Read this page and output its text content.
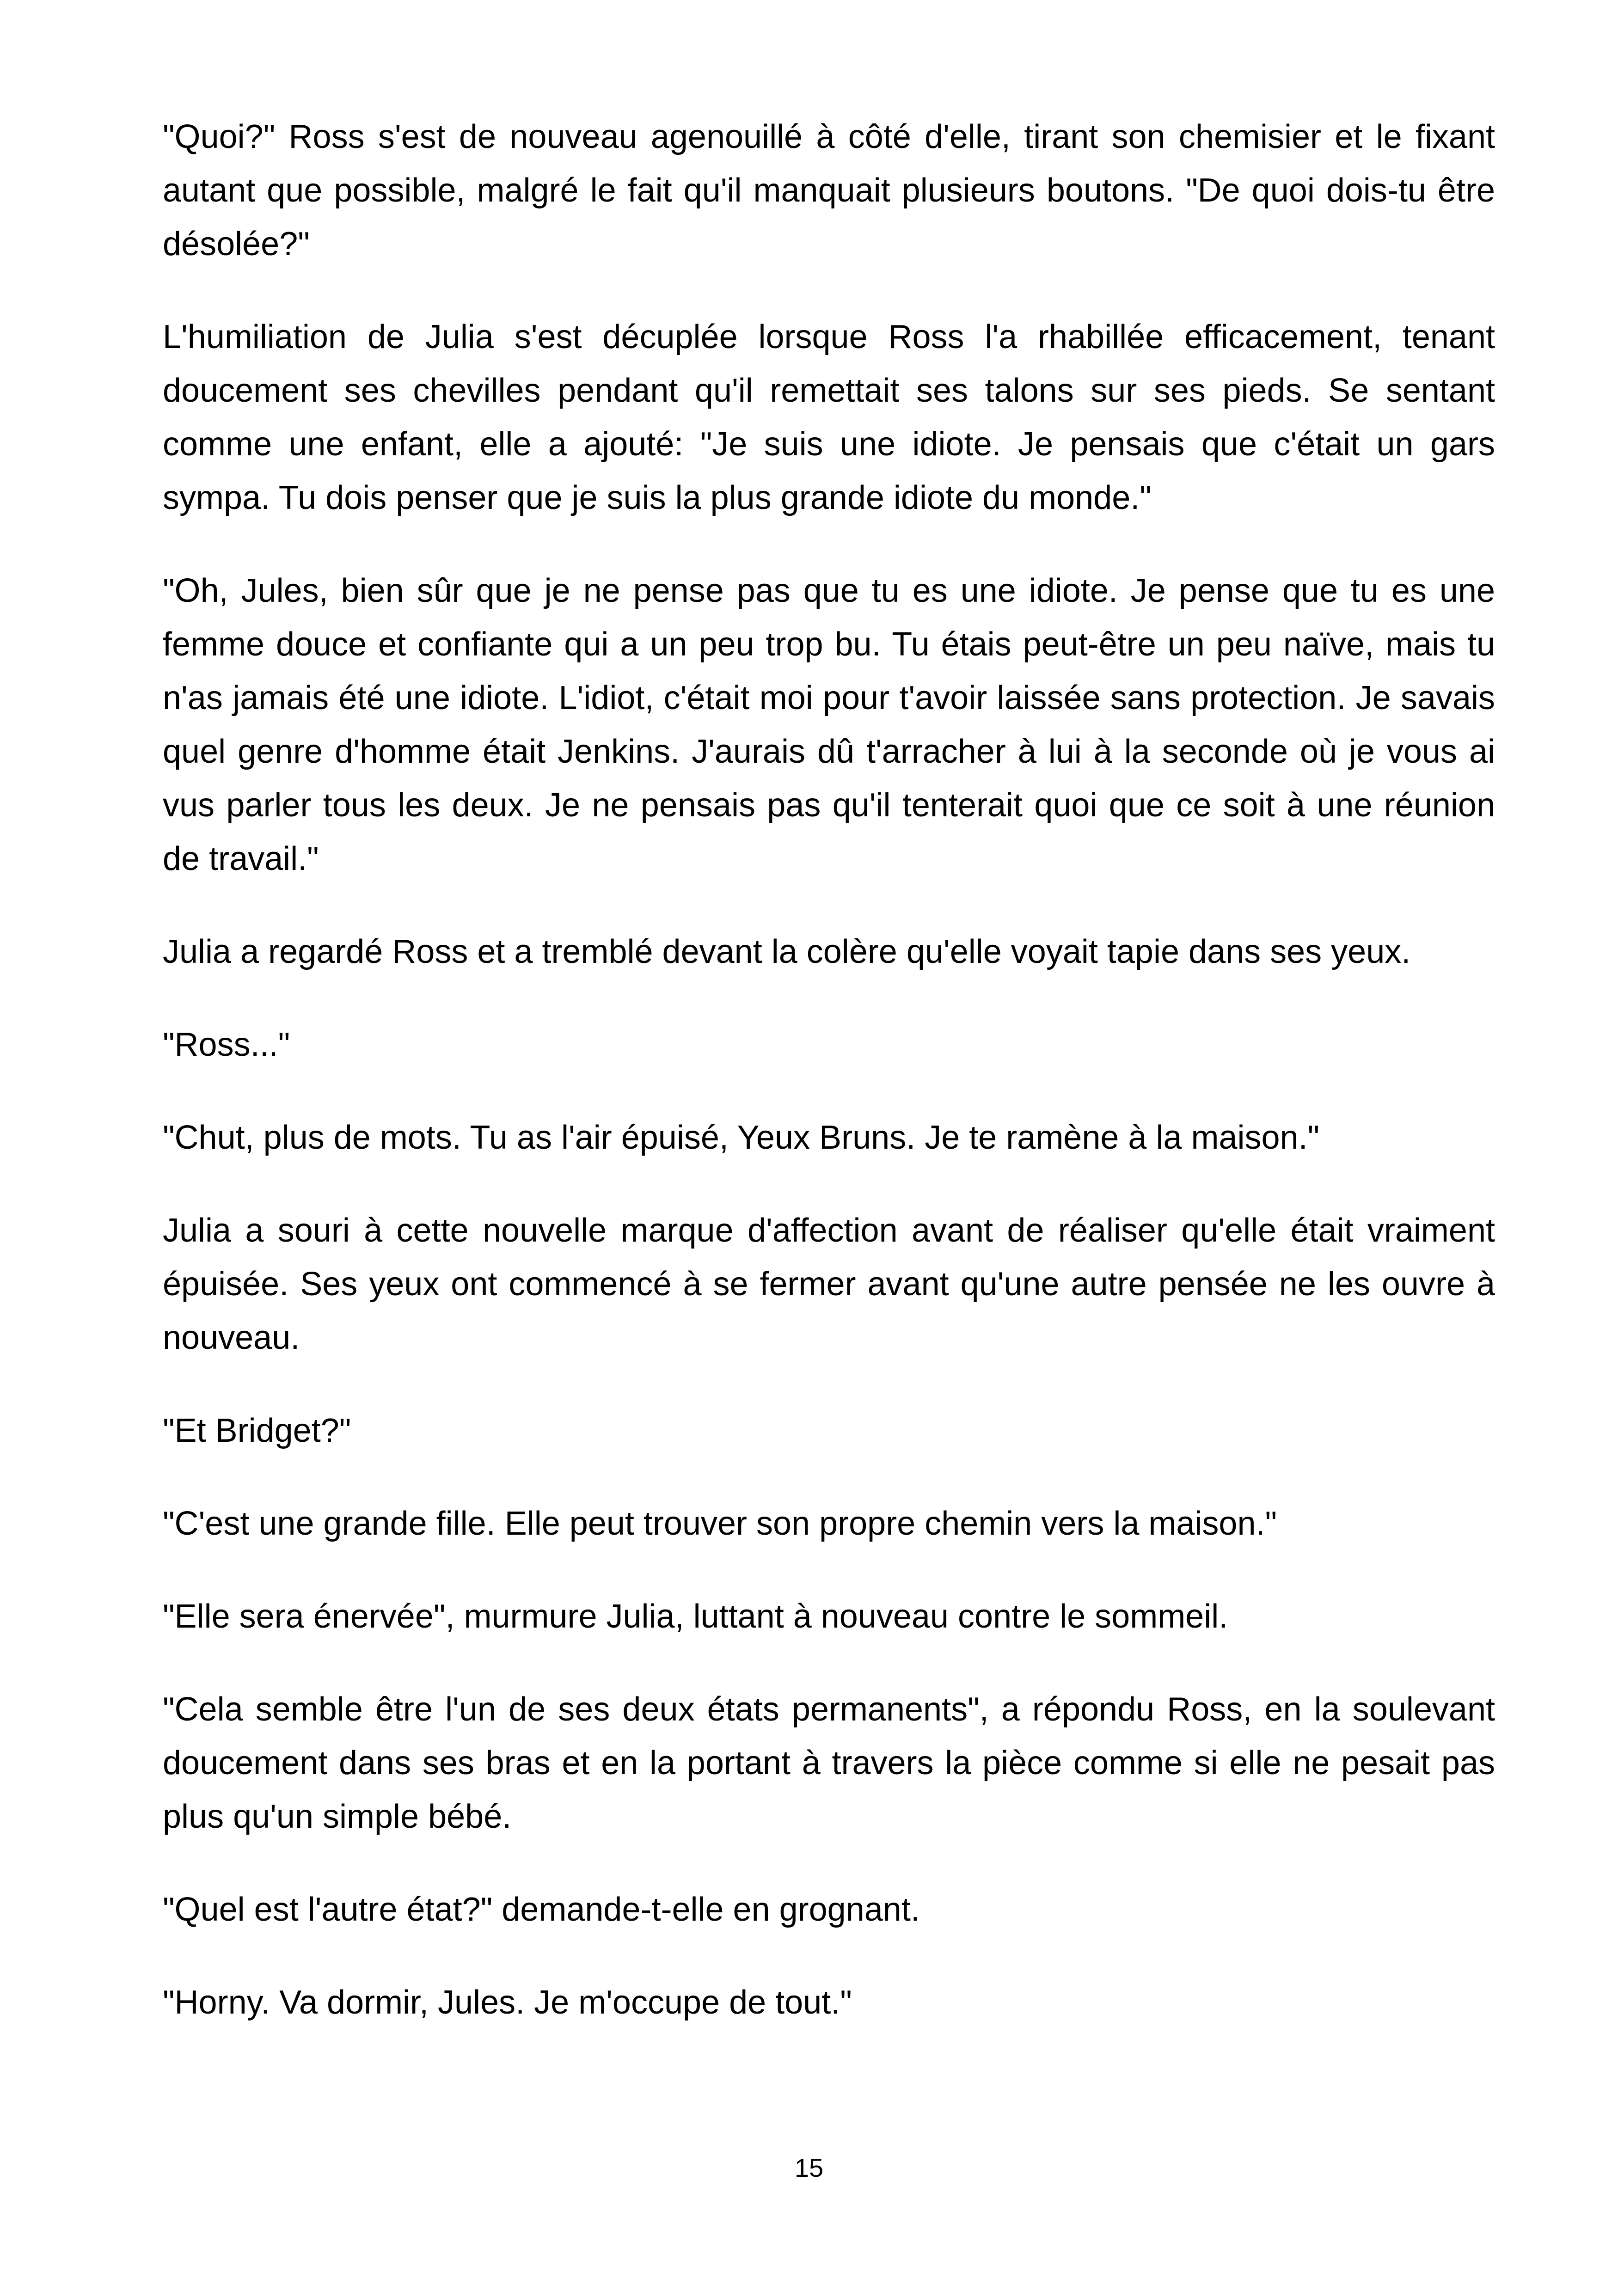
"Quoi?" Ross s'est de nouveau agenouillé à côté d'elle, tirant son chemisier et le fixant autant que possible, malgré le fait qu'il manquait plusieurs boutons. "De quoi dois-tu être désolée?"

L'humiliation de Julia s'est décuplée lorsque Ross l'a rhabillée efficacement, tenant doucement ses chevilles pendant qu'il remettait ses talons sur ses pieds. Se sentant comme une enfant, elle a ajouté: "Je suis une idiote. Je pensais que c'était un gars sympa. Tu dois penser que je suis la plus grande idiote du monde."

"Oh, Jules, bien sûr que je ne pense pas que tu es une idiote. Je pense que tu es une femme douce et confiante qui a un peu trop bu. Tu étais peut-être un peu naïve, mais tu n'as jamais été une idiote. L'idiot, c'était moi pour t'avoir laissée sans protection. Je savais quel genre d'homme était Jenkins. J'aurais dû t'arracher à lui à la seconde où je vous ai vus parler tous les deux. Je ne pensais pas qu'il tenterait quoi que ce soit à une réunion de travail."

Julia a regardé Ross et a tremblé devant la colère qu'elle voyait tapie dans ses yeux.

"Ross..."

"Chut, plus de mots. Tu as l'air épuisé, Yeux Bruns. Je te ramène à la maison."

Julia a souri à cette nouvelle marque d'affection avant de réaliser qu'elle était vraiment épuisée. Ses yeux ont commencé à se fermer avant qu'une autre pensée ne les ouvre à nouveau.

"Et Bridget?"

"C'est une grande fille. Elle peut trouver son propre chemin vers la maison."

"Elle sera énervée", murmure Julia, luttant à nouveau contre le sommeil.

"Cela semble être l'un de ses deux états permanents", a répondu Ross, en la soulevant doucement dans ses bras et en la portant à travers la pièce comme si elle ne pesait pas plus qu'un simple bébé.

"Quel est l'autre état?" demande-t-elle en grognant.

"Horny. Va dormir, Jules. Je m'occupe de tout."

15
